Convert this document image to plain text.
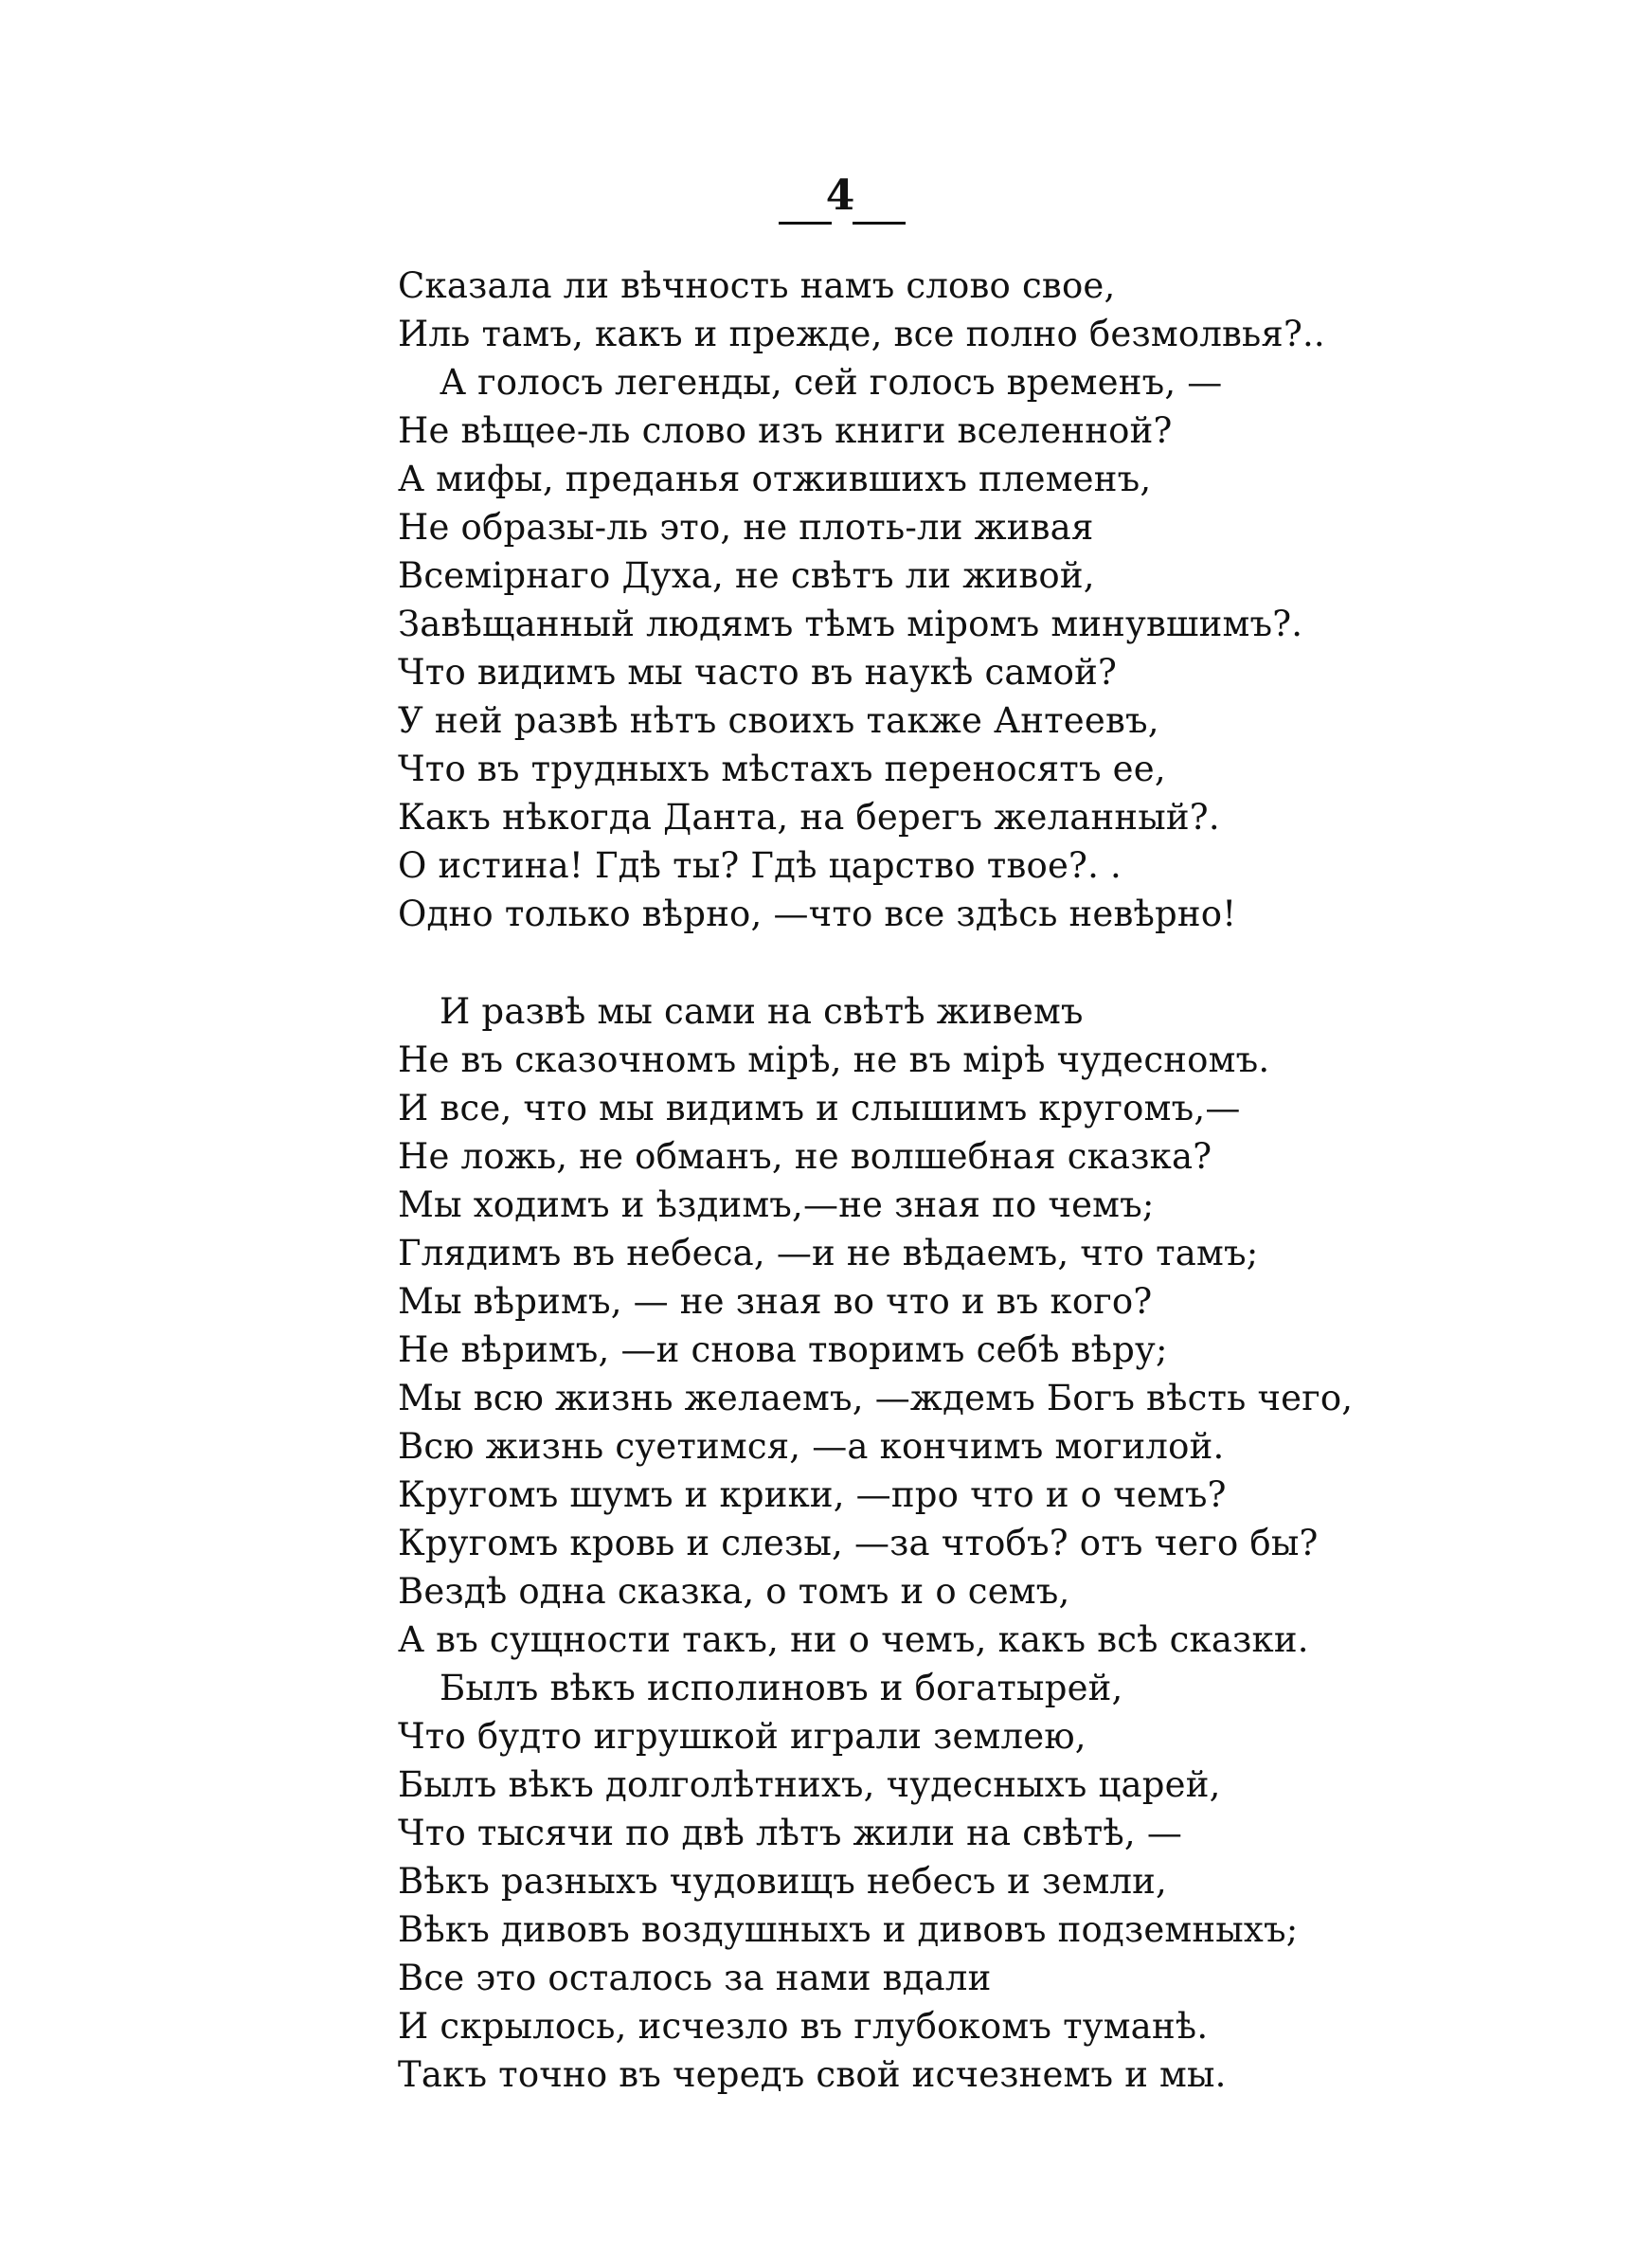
4
Сказала ли вѣчность намъ слово свое,
Иль тамъ, какъ и прежде, все полно безмолвья?..
А голосъ легенды, сей голосъ временъ, —
Не вѣщее-ль слово изъ книги вселенной?
А мифы, преданья отжившихъ племенъ,
Не образы-ль это, не плоть-ли живая
Всемірнаго Духа, не свѣтъ ли живой,
Завѣщанный людямъ тѣмъ міромъ минувшимъ?.
Что видимъ мы часто въ наукѣ самой?
У ней развѣ нѣтъ своихъ также Антеевъ,
Что въ трудныхъ мѣстахъ переносятъ ее,
Какъ нѣкогда Данта, на берегъ желанный?.
О истина! Гдѣ ты? Гдѣ царство твое?. .
Одно только вѣрно, —что все здѣсь невѣрно!
И развѣ мы сами на свѣтѣ живемъ
Не въ сказочномъ мірѣ, не въ мірѣ чудесномъ.
И все, что мы видимъ и слышимъ кругомъ,—
Не ложь, не обманъ, не волшебная сказка?
Мы ходимъ и ѣздимъ,—не зная по чемъ;
Глядимъ въ небеса, —и не вѣдаемъ, что тамъ;
Мы вѣримъ, — не зная во что и въ кого?
Не вѣримъ, —и снова творимъ себѣ вѣру;
Мы всю жизнь желаемъ, —ждемъ Богъ вѣсть чего,
Всю жизнь суетимся, —а кончимъ могилой.
Кругомъ шумъ и крики, —про что и о чемъ?
Кругомъ кровь и слезы, —за чтобъ? отъ чего бы?
Вездѣ одна сказка, о томъ и о семъ,
А въ сущности такъ, ни о чемъ, какъ всѣ сказки.
Былъ вѣкъ исполиновъ и богатырей,
Что будто игрушкой играли землею,
Былъ вѣкъ долголѣтнихъ, чудесныхъ царей,
Что тысячи по двѣ лѣтъ жили на свѣтѣ, —
Вѣкъ разныхъ чудовищъ небесъ и земли,
Вѣкъ дивовъ воздушныхъ и дивовъ подземныхъ;
Все это осталось за нами вдали
И скрылось, исчезло въ глубокомъ туманѣ.
Такъ точно въ чередъ свой исчезнемъ и мы.
